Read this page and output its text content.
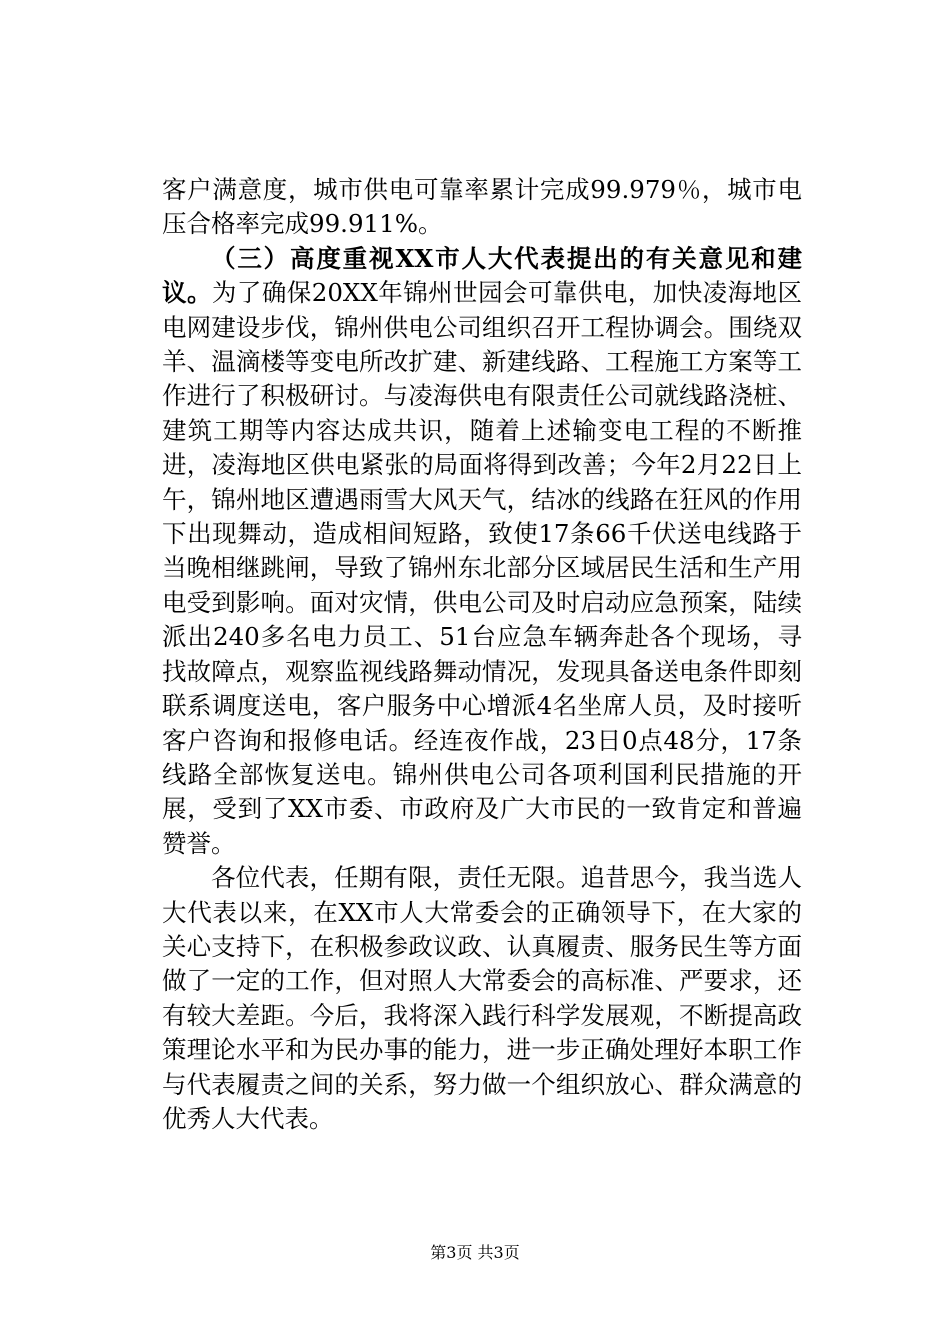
客户满意度，城市供电可靠率累计完成99.979％，城市电压合格率完成99.911%。

（三）高度重视XX市人大代表提出的有关意见和建议。为了确保20XX年锦州世园会可靠供电，加快凌海地区电网建设步伐，锦州供电公司组织召开工程协调会。围绕双羊、温滴楼等变电所改扩建、新建线路、工程施工方案等工作进行了积极研讨。与凌海供电有限责任公司就线路浇桩、建筑工期等内容达成共识，随着上述输变电工程的不断推进，凌海地区供电紧张的局面将得到改善；今年2月22日上午，锦州地区遭遇雨雪大风天气，结冰的线路在狂风的作用下出现舞动，造成相间短路，致使17条66千伏送电线路于当晚相继跳闸，导致了锦州东北部分区域居民生活和生产用电受到影响。面对灾情，供电公司及时启动应急预案，陆续派出240多名电力员工、51台应急车辆奔赴各个现场，寻找故障点，观察监视线路舞动情况，发现具备送电条件即刻联系调度送电，客户服务中心增派4名坐席人员，及时接听客户咨询和报修电话。经连夜作战，23日0点48分，17条线路全部恢复送电。锦州供电公司各项利国利民措施的开展，受到了XX市委、市政府及广大市民的一致肯定和普遍赞誉。

各位代表，任期有限，责任无限。追昔思今，我当选人大代表以来，在XX市人大常委会的正确领导下，在大家的关心支持下，在积极参政议政、认真履责、服务民生等方面做了一定的工作，但对照人大常委会的高标准、严要求，还有较大差距。今后，我将深入践行科学发展观，不断提高政策理论水平和为民办事的能力，进一步正确处理好本职工作与代表履责之间的关系，努力做一个组织放心、群众满意的优秀人大代表。

第3页 共3页
